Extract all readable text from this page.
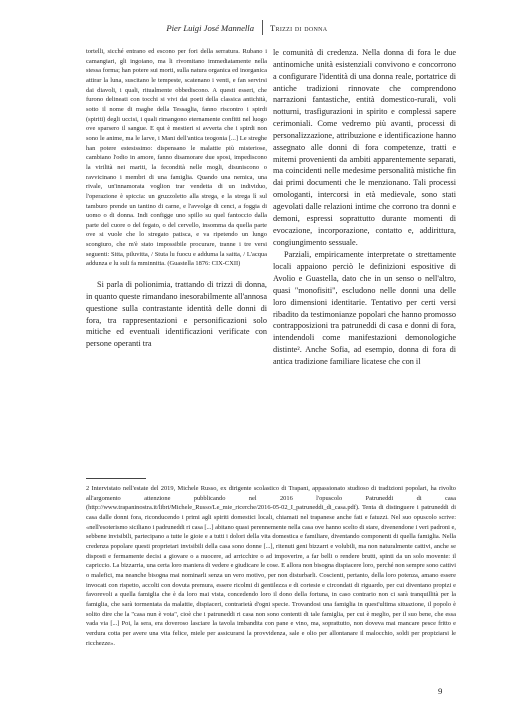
Pier Luigi José Mannella Trizzi di donna

tortelli, sicché entrano ed escono per fori della serratura. Rubano i camangiari, gli ingoiano, ma li rivomitano immediatamente nella stessa forma; han potere sui morti, sulla natura organica ed inorganica attirar la luna, suscitano le tempeste, scatenano i venti, e fan servirsi dai diavoli, i quali, ritualmente obbediscono. A questi esseri, che furono delineati con tocchi si vivi dai poeti della classica antichità, sotto il nome di maghe della Tessaglia, fanno riscontro i spirdi (spiriti) degli uccisi, i quali rimangono eternamente confitti nel luogo ove sparsero il sangue. E qui è mestieri si avverta che i spirdi non sono le anime, ma le larve, i Mani dell'antica teogonia [...] Le streghe han potere estesissimo: dispensano le malattie più misteriose, cambiano l'odio in amore, fanno disamorare due sposi, impediscono la virilità nei mariti, la fecondità nelle mogli, disuniscono o ravvicinano i membri di una famiglia. Quando una nemica, una rivale, un'innamorata voglion trar vendetta di un individuo, l'operazione è spiccia: un gruzzoletto alla strega, e la strega lì sul tamburo prende un tantino di carne, e l'avvolge di cenci, a foggia di uomo o di donna. Indi configge uno spillo su quel fantoccio dalla parte del cuore o del fegato, o del cervello, insomma da quella parte ove si vuole che lo stregato patisca, e va ripetendo un lungo scongiuro, che m'è stato impossibile procurare, tranne i tre versi seguenti: Sitta, piluvitta, / Stuta lu fuocu e adduma la saitta, / L'acqua addunza e lu suli fa mminnitta. (Guastella 1876: CIX-CXII)

Si parla di polionimia, trattando di trizzi di donna, in quanto queste rimandano inesorabilmente all'annosa questione sulla contrastante identità delle donni di fora, tra rappresentazioni e personificazioni solo mitiche ed eventuali identificazioni verificate con persone operanti tra

le comunità di credenza. Nella donna di fora le due antinomiche unità esistenziali convivono e concorrono a configurare l'identità di una donna reale, portatrice di antiche tradizioni rinnovate che comprendono narrazioni fantastiche, entità domestico-rurali, voli notturni, trasfigurazioni in spirito e complessi sapere cerimoniali. Come vedremo più avanti, processi di personalizzazione, attribuzione e identificazione hanno assegnato alle donni di fora competenze, tratti e mitemi provenienti da ambiti apparentemente separati, ma coincidenti nelle medesime personalità mistiche fin dai primi documenti che le menzionano. Tali processi omologanti, intercorsi in età medievale, sono stati agevolati dalle relazioni intime che corrono tra donni e demoni, espressi soprattutto durante momenti di evocazione, incorporazione, contatto e, addirittura, congiungimento sessuale.

Parziali, empiricamente interpretate o strettamente locali appaiono perciò le definizioni espositive di Avolio e Guastella, dato che in un senso o nell'altro, quasi "monofisiti", escludono nelle donni una delle loro dimensioni identitarie. Tentativo per certi versi ribadito da testimonianze popolari che hanno promosso contrapposizioni tra patruneddi di casa e donni di fora, intendendoli come manifestazioni demonologiche distinte². Anche Sofia, ad esempio, donna di fora di antica tradizione familiare licatese che con il

2 Intervistato nell'estate del 2019, Michele Russo, ex dirigente scolastico di Trapani, appassionato studioso di tradizioni popolari, ha rivolto all'argomento attenzione pubblicando nel 2016 l'opuscolo Patruneddi di casa (http://www.trapaninostra.it/libri/Michele_Russo/Le_mie_ricerche/2016-05-02_I_patruneddi_di_casa.pdf). Tenta di distinguere i patruneddi di casa dalle donni fora, riconducendo i primi agli spiriti domestici locali, chiamati nel trapanese anche fati e fatuzzi. Nel suo opuscolo scrive: «nell'esoterismo siciliano i padruneddi ri casa [...] abitano quasi perennemente nella casa ove hanno scelto di stare, divenendone i veri padroni e, sebbene invisibili, partecipano a tutte le gioie e a tutti i dolori della vita domestica e familiare, diventando componenti di quella famiglia. Nella credenza popolare questi proprietari invisibili della casa sono donne [...], ritenuti geni bizzarri e volubili, ma non naturalmente cattivi, anche se disposti e fermamente decisi a giovare o a nuocere, ad arricchire o ad impoverire, a far belli o rendere brutti, spinti da un solo movente: il capriccio. La bizzarria, una certa loro maniera di vedere e giudicare le cose. E allora non bisogna dispiacere loro, perché non sempre sono cattivi o malefici, ma neanche bisogna mai nominarli senza un vero motivo, per non disturbarli. Coscienti, pertanto, della loro potenza, amano essere invocati con rispetto, accolti con dovuta premura, essere ricolmi di gentilezza e di cortesie e circondati di riguardo, per cui diventano propizi e favorevoli a quella famiglia che è da loro mai vista, concedendo loro il dono della fortuna, in caso contrario non ci sarà tranquillità per la famiglia, che sarà tormentata da malattie, dispiaceri, contrarietà d'ogni specie. Trovandosi una famiglia in quest'ultima situazione, il popolo è solito dire che la "casa nun è vota", cioè che i patruneddi ri casa non sono contenti di tale famiglia, per cui è meglio, per il suo bene, che essa vada via [...] Poi, la sera, era doveroso lasciare la tavola imbandita con pane e vino, ma, soprattutto, non doveva mai mancare pesce fritto e verdura cotta per avere una vita felice, miele per assicurarsi la provvidenza, sale e olio per allontanare il malocchio, soldi per propiziarsi le ricchezze».

9
